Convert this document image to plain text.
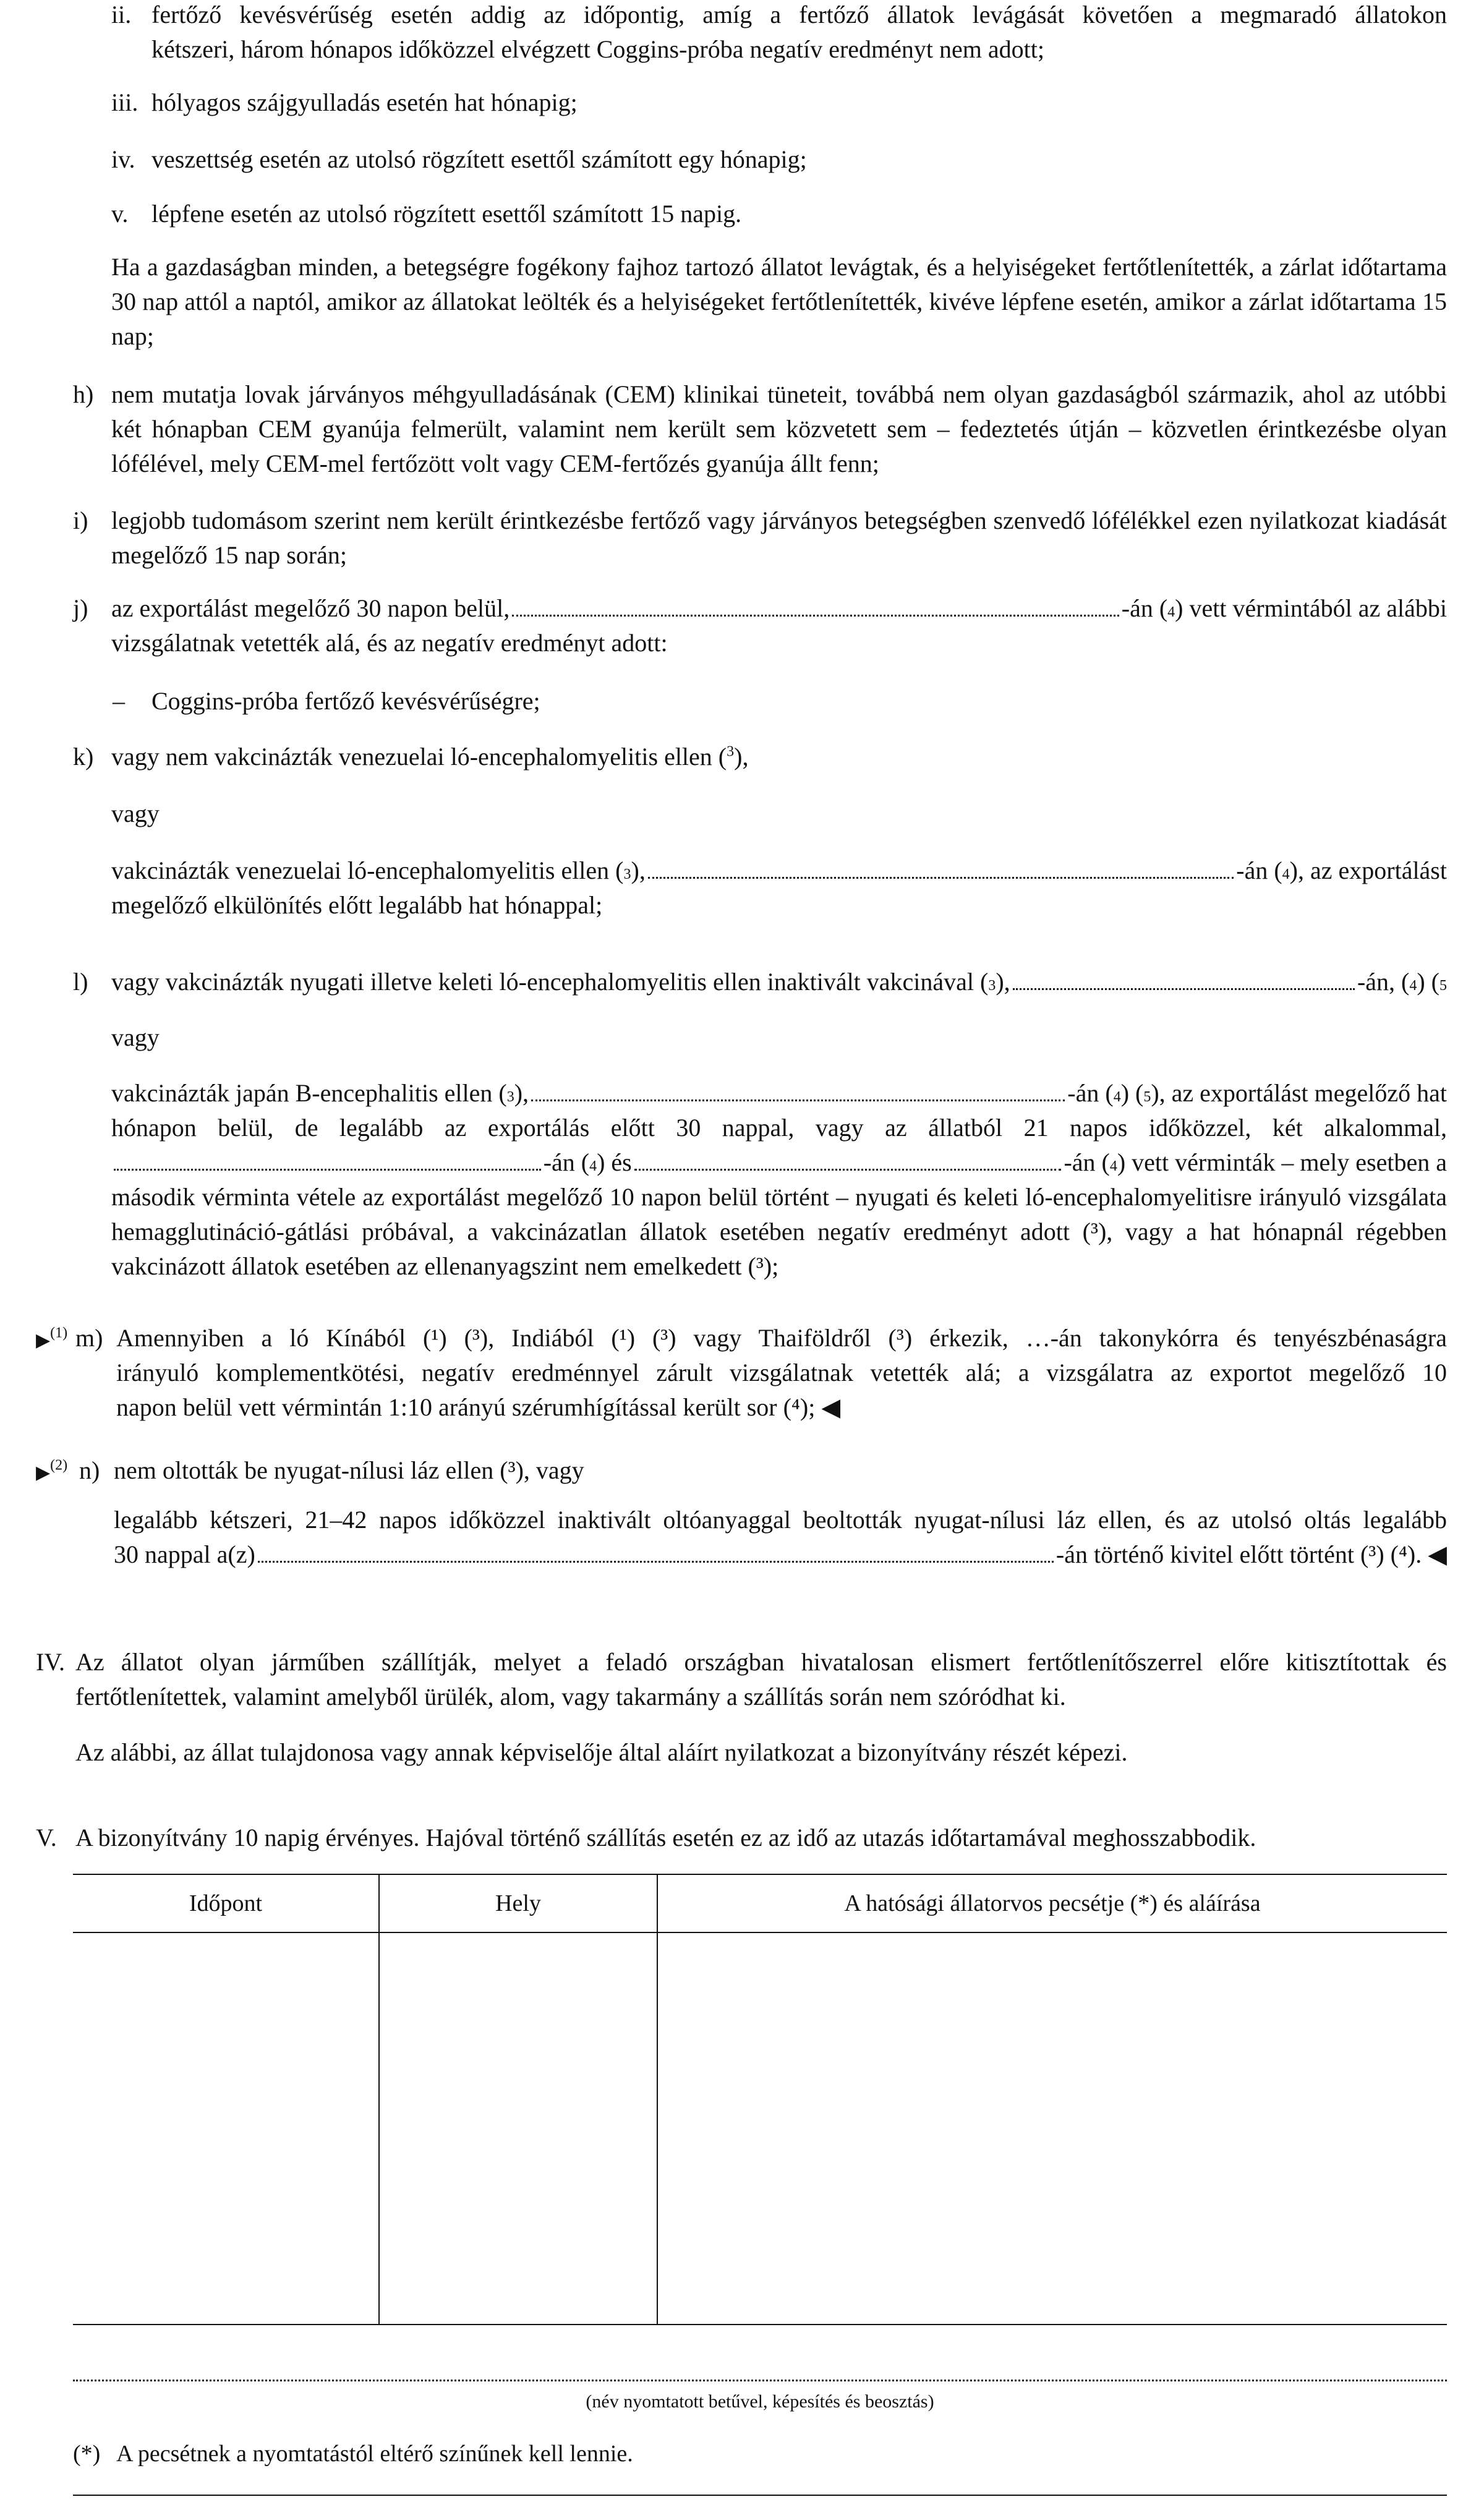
ii. fertőző kevésvérűség esetén addig az időpontig, amíg a fertőző állatok levágását követően a megmaradó állatokon
kétszeri, három hónapos időközzel elvégzett Coggins-próba negatív eredményt nem adott;
iii. hólyagos szájgyulladás esetén hat hónapig;
iv. veszettség esetén az utolsó rögzített esettől számított egy hónapig;
v. lépfene esetén az utolsó rögzített esettől számított 15 napig.
Ha a gazdaságban minden, a betegségre fogékony fajhoz tartozó állatot levágtak, és a helyiségeket fertőtlenítették, a zárlat időtartama 30 nap attól a naptól, amikor az állatokat leölték és a helyiségeket fertőtlenítették, kivéve lépfene esetén, amikor a zárlat időtartama 15 nap;
h) nem mutatja lovak járványos méhgyulladásának (CEM) klinikai tüneteit, továbbá nem olyan gazdaságból származik, ahol az utóbbi két hónapban CEM gyanúja felmerült, valamint nem került sem közvetett sem – fedeztetés útján – közvetlen érintkezésbe olyan lófélével, mely CEM-mel fertőzött volt vagy CEM-fertőzés gyanúja állt fenn;
i) legjobb tudomásom szerint nem került érintkezésbe fertőző vagy járványos betegségben szenvedő lófélékkel ezen nyilatkozat kiadását megelőző 15 nap során;
j) az exportálást megelőző 30 napon belül,	-án ( 4 ) vett vérmintából az alábbi
vizsgálatnak vetették alá, és az negatív eredményt adott:
– Coggins-próba fertőző kevésvérűségre;
k) vagy nem vakcinázták venezuelai ló-encephalomyelitis ellen ($^3$),
vagy
vakcinázták venezuelai ló-encephalomyelitis ellen ( 3 ),	-án ( 4 ), az exportálást
megelőző elkülönítés előtt legalább hat hónappal;
l) vagy vakcinázták nyugati illetve keleti ló-encephalomyelitis ellen inaktivált vakcinával ( 3 ),	-án, ( 4 ) ( 5
vagy
vakcinázták japán B-encephalitis ellen ( 3 ),	-án ( 4 ) ( 5 ), az exportálást megelőző hat
hónapon belül, de legalább az exportálás előtt 30 nappal, vagy az állatból 21 napos időközzel, két alkalommal,
-án ( 4 ) és	-án ( 4 ) vett vérminták – mely esetben a
második vérminta vétele az exportálást megelőző 10 napon belül történt – nyugati és keleti ló-encephalomyelitisre irányuló vizsgálata hemagglutináció-gátlási próbával, a vakcinázatlan állatok esetében negatív eredményt adott (³), vagy a hat hónapnál régebben vakcinázott állatok esetében az ellenanyagszint nem emelkedett (³);
▶$^{(1)}$ m) Amennyiben a ló Kínából (¹) (³), Indiából (¹) (³) vagy Thaiföldről (³) érkezik, …-án takonykórra és tenyészbénaságra
irányuló komplementkötési, negatív eredménnyel zárult vizsgálatnak vetették alá; a vizsgálatra az exportot megelőző 10
napon belül vett vérmintán 1:10 arányú szérumhígítással került sor (⁴); ◀
▶$^{(2)}$ n) nem oltották be nyugat-nílusi láz ellen (³), vagy
legalább kétszeri, 21–42 napos időközzel inaktivált oltóanyaggal beoltották nyugat-nílusi láz ellen, és az utolsó oltás legalább
30 nappal a(z)	-án történő kivitel előtt történt (³) (⁴). ◀
IV. Az állatot olyan járműben szállítják, melyet a feladó országban hivatalosan elismert fertőtlenítőszerrel előre kitisztítottak és fertőtlenítettek, valamint amelyből ürülék, alom, vagy takarmány a szállítás során nem szóródhat ki.
Az alábbi, az állat tulajdonosa vagy annak képviselője által aláírt nyilatkozat a bizonyítvány részét képezi.
V. A bizonyítvány 10 napig érvényes. Hajóval történő szállítás esetén ez az idő az utazás időtartamával meghosszabbodik.
Időpont	Hely	A hatósági állatorvos pecsétje (*) és aláírása

(név nyomtatott betűvel, képesítés és beosztás)
(*) A pecsétnek a nyomtatástól eltérő színűnek kell lennie.
